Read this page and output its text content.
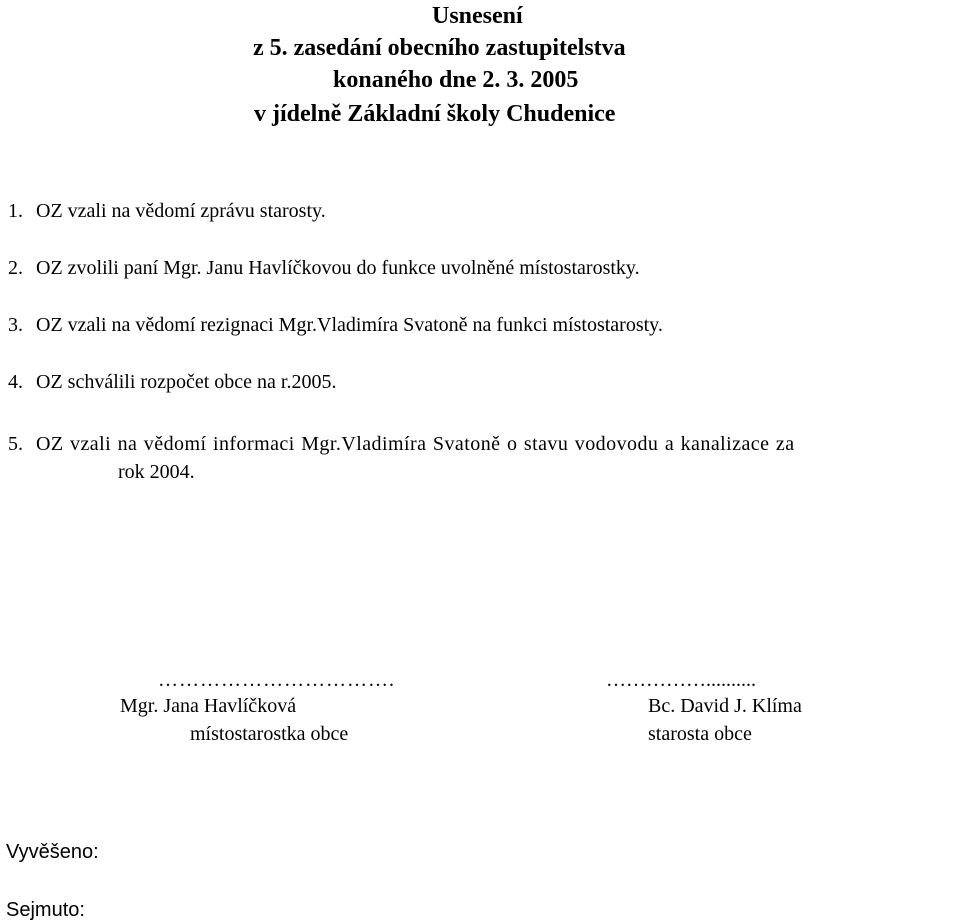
Usnesení
z 5. zasedání obecního zastupitelstva
konaného dne 2. 3. 2005
v jídelně Základní školy Chudenice
1. OZ vzali na vědomí zprávu starosty.
2. OZ zvolili paní Mgr. Janu Havlíčkovou do funkce uvolněné místostarostky.
3. OZ vzali na vědomí rezignaci Mgr.Vladimíra Svatoně na funkci místostarosty.
4. OZ schválili rozpočet obce na r.2005.
5. OZ vzali na vědomí informaci Mgr.Vladimíra Svatoně o stavu vodovodu a kanalizace za
rok 2004.
…………………………….
Mgr. Jana Havlíčková
místostarostka obce
……………..........
Bc. David J. Klíma
starosta obce
Vyvěšeno:
Sejmuto:
